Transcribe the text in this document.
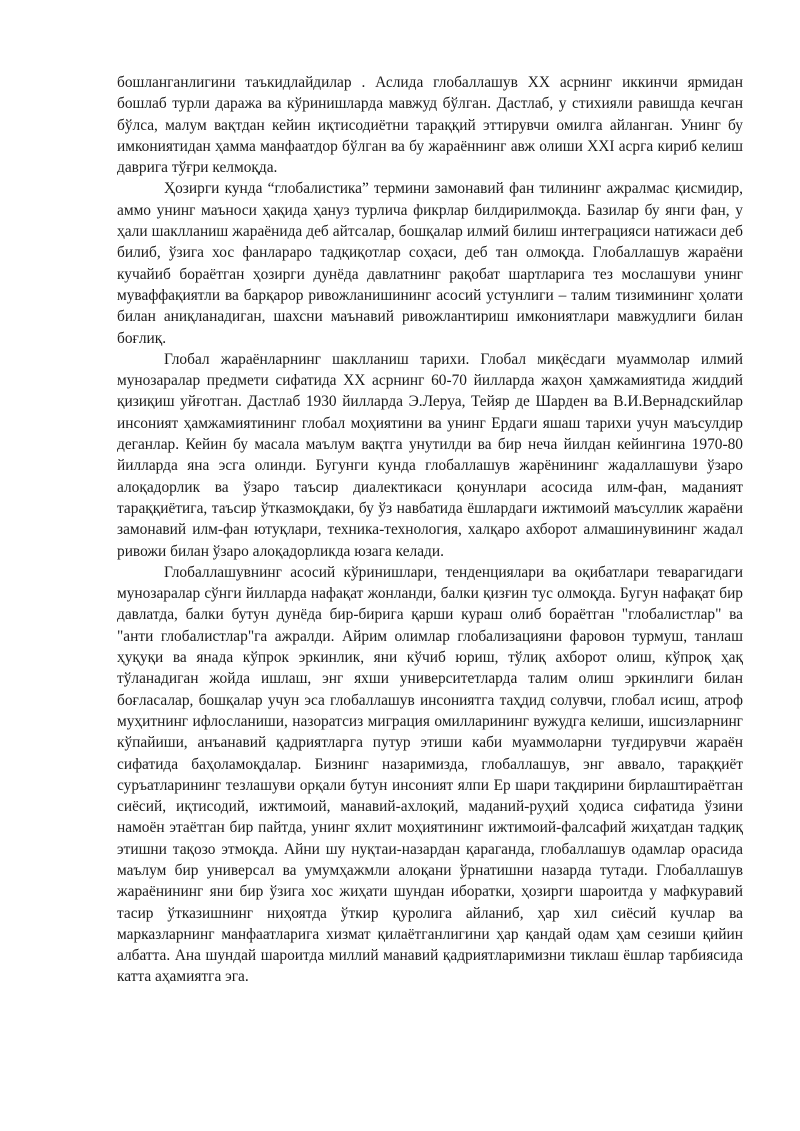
бошланганлигини таъкидлайдилар . Аслида глобаллашув XX асрнинг иккинчи ярмидан бошлаб турли даража ва кўринишларда мавжуд бўлган. Дастлаб, у стихияли равишда кечган бўлса, малум вақтдан кейин иқтисодиётни тараққий эттирувчи омилга айланган. Унинг бу имкониятидан ҳамма манфаатдор бўлган ва бу жараённинг авж олиши XXI асрга кириб келиш даврига тўғри келмоқда.

Ҳозирги кунда “глобалистика” термини замонавий фан тилининг ажралмас қисмидир, аммо унинг маъноси ҳақида ҳануз турлича фикрлар билдирилмоқда. Базилар бу янги фан, у ҳали шаклланиш жараёнида деб айтсалар, бошқалар илмий билиш интеграцияси натижаси деб билиб, ўзига хос фанлараро тадқиқотлар соҳаси, деб тан олмоқда. Глобаллашув жараёни кучайиб бораётган ҳозирги дунёда давлатнинг рақобат шартларига тез мослашуви унинг муваффақиятли ва барқарор ривожланишининг асосий устунлиги – талим тизимининг ҳолати билан аниқланадиган, шахсни маънавий ривожлантириш имкониятлари мавжудлиги билан боғлиқ.

Глобал жараёнларнинг шаклланиш тарихи. Глобал миқёсдаги муаммолар илмий мунозаралар предмети сифатида XX асрнинг 60-70 йилларда жаҳон ҳамжамиятида жиддий қизиқиш уйғотган. Дастлаб 1930 йилларда Э.Леруа, Тейяр де Шарден ва В.И.Вернадскийлар инсоният ҳамжамиятининг глобал моҳиятини ва унинг Ердаги яшаш тарихи учун маъсулдир деганлар. Кейин бу масала маълум вақтга унутилди ва бир неча йилдан кейингина 1970-80 йилларда яна эсга олинди. Бугунги кунда глобаллашув жарёнининг жадаллашуви ўзаро алоқадорлик ва ўзаро таъсир диалектикаси қонунлари асосида илм-фан, маданият тараққиётига, таъсир ўтказмоқдаки, бу ўз навбатида ёшлардаги ижтимоий маъсуллик жараёни замонавий илм-фан ютуқлари, техника-технология, халқаро ахборот алмашинувининг жадал ривожи билан ўзаро алоқадорликда юзага келади.

Глобаллашувнинг асосий кўринишлари, тенденциялари ва оқибатлари теварагидаги мунозаралар сўнги йилларда нафақат жонланди, балки қизғин тус олмоқда. Бугун нафақат бир давлатда, балки бутун дунёда бир-бирига қарши кураш олиб бораётган "глобалистлар" ва "анти глобалистлар"га ажралди. Айрим олимлар глобализацияни фаровон турмуш, танлаш ҳуқуқи ва янада кўпрок эркинлик, яни кўчиб юриш, тўлиқ ахборот олиш, кўпроқ ҳақ тўланадиган жойда ишлаш, энг яхши университетларда талим олиш эркинлиги билан боғласалар, бошқалар учун эса глобаллашув инсониятга таҳдид солувчи, глобал исиш, атроф муҳитнинг ифлосланиши, назоратсиз миграция омилларининг вужудга келиши, ишсизларнинг кўпайиши, анъанавий қадриятларга путур этиши каби муаммоларни туғдирувчи жараён сифатида баҳоламоқдалар. Бизнинг назаримизда, глобаллашув, энг аввало, тараққиёт суръатларининг тезлашуви орқали бутун инсоният ялпи Ер шари тақдирини бирлаштираётган сиёсий, иқтисодий, ижтимоий, манавий-ахлоқий, маданий-руҳий ҳодиса сифатида ўзини намоён этаётган бир пайтда, унинг яхлит моҳиятининг ижтимоий-фалсафий жиҳатдан тадқиқ этишни тақозо этмоқда. Айни шу нуқтаи-назардан қараганда, глобаллашув одамлар орасида маълум бир универсал ва умумҳажмли алоқани ўрнатишни назарда тутади. Глобаллашув жараёнининг яни бир ўзига хос жиҳати шундан иборатки, ҳозирги шароитда у мафкуравий тасир ўтказишнинг ниҳоятда ўткир қуролига айланиб, ҳар хил сиёсий кучлар ва марказларнинг манфаатларига хизмат қилаётганлигини ҳар қандай одам ҳам сезиши қийин албатта. Ана шундай шароитда миллий манавий қадриятларимизни тиклаш ёшлар тарбиясида катта аҳамиятга эга.
